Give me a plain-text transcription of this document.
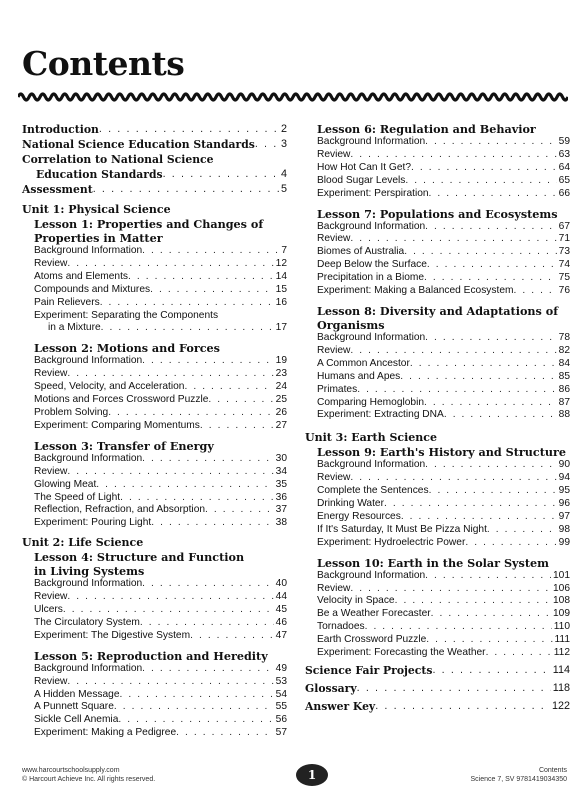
Contents
Introduction . . .	2
National Science Education Standards . . . 3
Correlation to National Science
Education Standards . . .	4
Assessment . . .	5
Unit 1: Physical Science
Lesson 1: Properties and Changes of
Properties in Matter
Background Information . . .	7
Review . . .	12
Atoms and Elements . . .	14
Compounds and Mixtures . . .	15
Pain Relievers . . .	16
Experiment: Separating the Components
in a Mixture . . .	17
Lesson 2: Motions and Forces
Background Information . . .	19
Review . . .	23
Speed, Velocity, and Acceleration . . .	24
Motions and Forces Crossword Puzzle . . .	25
Problem Solving . . .	26
Experiment: Comparing Momentums . . .	27
Lesson 3: Transfer of Energy
Background Information . . .	30
Review . . .	34
Glowing Meat . . .	35
The Speed of Light . . .	36
Reflection, Refraction, and Absorption . . .	37
Experiment: Pouring Light . . .	38
Unit 2: Life Science
Lesson 4: Structure and Function
in Living Systems
Background Information . . .	40
Review . . .	44
Ulcers . . .	45
The Circulatory System . . .	46
Experiment: The Digestive System . . .	47
Lesson 5: Reproduction and Heredity
Background Information . . .	49
Review . . .	53
A Hidden Message . . .	54
A Punnett Square . . .	55
Sickle Cell Anemia . . .	56
Experiment: Making a Pedigree . . .	57
Lesson 6: Regulation and Behavior
Background Information . . .	59
Review . . .	63
How Hot Can It Get? . . .	64
Blood Sugar Levels . . .	65
Experiment: Perspiration . . .	66
Lesson 7: Populations and Ecosystems
Background Information . . .	67
Review . . .	71
Biomes of Australia . . .	73
Deep Below the Surface . . .	74
Precipitation in a Biome . . .	75
Experiment: Making a Balanced Ecosystem . . .	76
Lesson 8: Diversity and Adaptations of
Organisms
Background Information . . .	78
Review . . .	82
A Common Ancestor . . .	84
Humans and Apes . . .	85
Primates . . .	86
Comparing Hemoglobin . . .	87
Experiment: Extracting DNA . . .	88
Unit 3: Earth Science
Lesson 9: Earth's History and Structure
Background Information . . .	90
Review . . .	94
Complete the Sentences . . .	95
Drinking Water . . .	96
Energy Resources . . .	97
If It's Saturday, It Must Be Pizza Night . . .	98
Experiment: Hydroelectric Power . . .	99
Lesson 10: Earth in the Solar System
Background Information . . .	101
Review . . .	106
Velocity in Space . . .	108
Be a Weather Forecaster . . .	109
Tornadoes . . .	110
Earth Crossword Puzzle . . .	111
Experiment: Forecasting the Weather . . .	112
Science Fair Projects . . .	114
Glossary . . .	118
Answer Key . . .	122
www.harcourtschoolsupply.com
© Harcourt Achieve Inc. All rights reserved.	1	Contents
Science 7, SV 9781419034350
